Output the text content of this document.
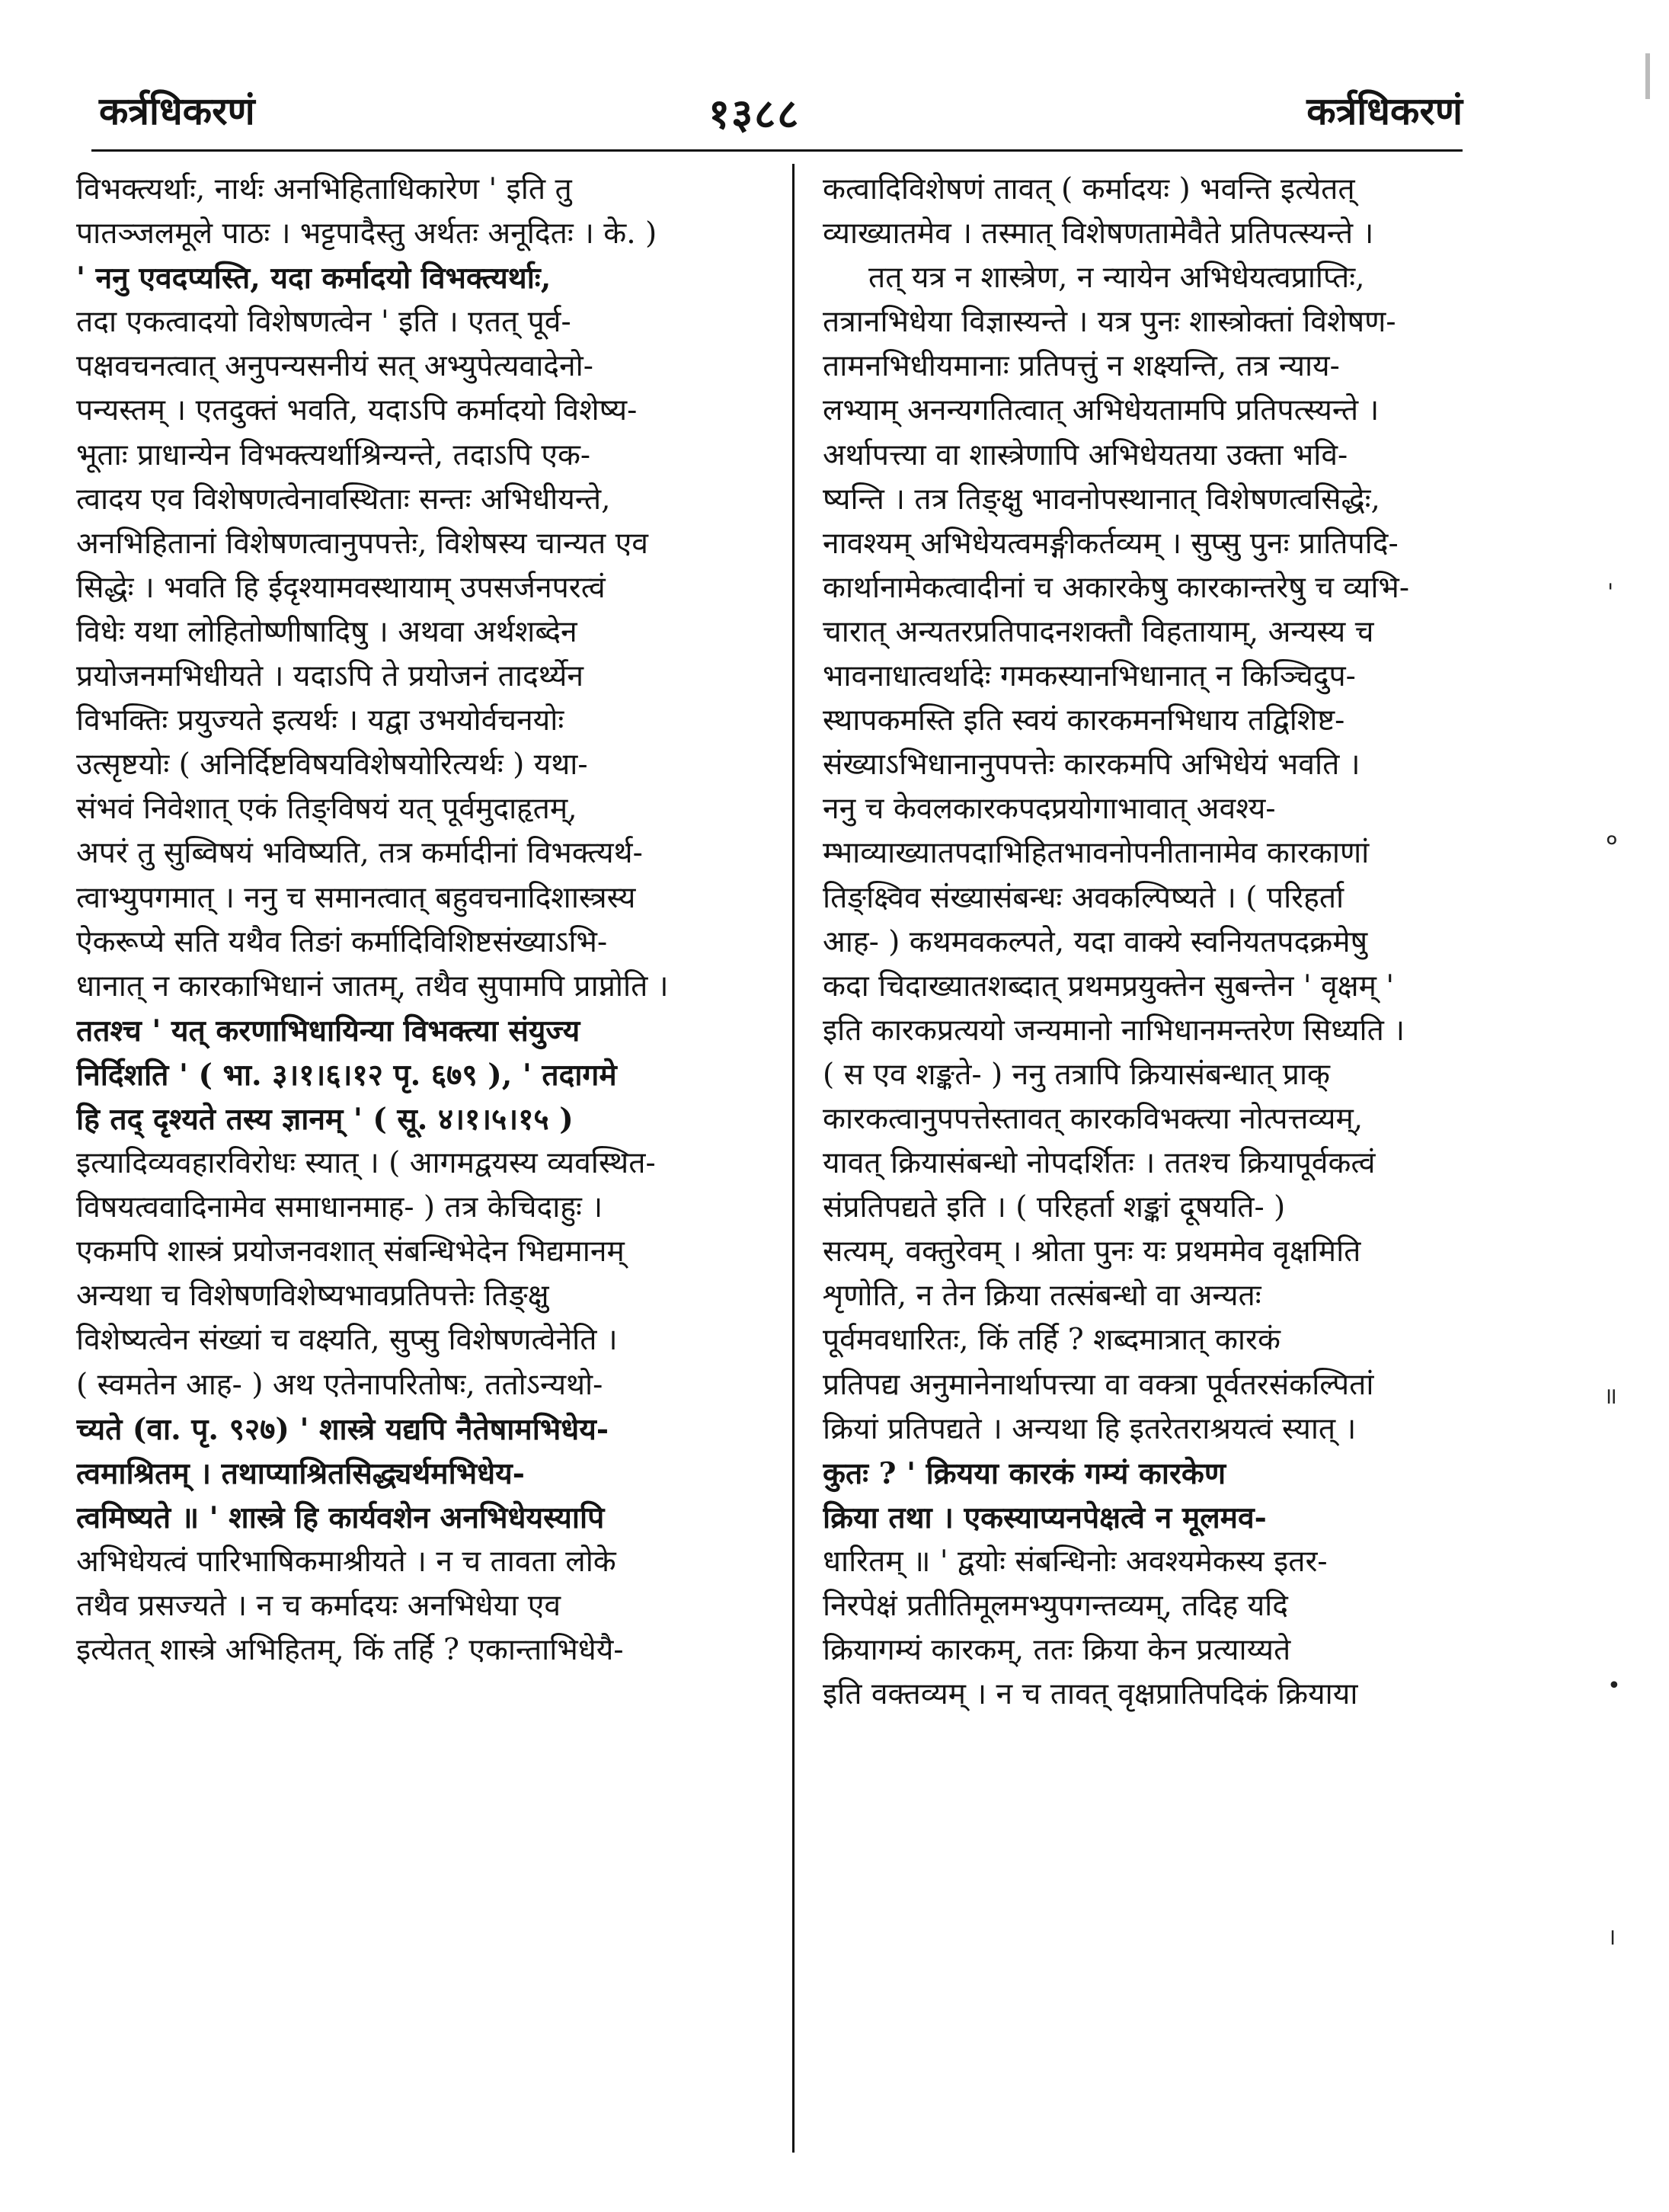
कर्त्रधिकरणं	१३८८	कर्त्रधिकरणं
विभक्त्यर्थाः, नार्थः अनभिहिताधिकारेण ' इति तु
पातञ्जलमूले पाठः । भट्टपादैस्तु अर्थतः अनूदितः । के. )
' ननु एवदप्यस्ति, यदा कर्मादयो विभक्त्यर्थाः,
तदा एकत्वादयो विशेषणत्वेन ' इति । एतत् पूर्व-
पक्षवचनत्वात् अनुपन्यसनीयं सत् अभ्युपेत्यवादेनो-
पन्यस्तम् । एतदुक्तं भवति, यदाऽपि कर्मादयो विशेष्य-
भूताः प्राधान्येन विभक्त्यर्थाश्रिन्यन्ते, तदाऽपि एक-
त्वादय एव विशेषणत्वेनावस्थिताः सन्तः अभिधीयन्ते,
अनभिहितानां विशेषणत्वानुपपत्तेः, विशेषस्य चान्यत एव
सिद्धेः । भवति हि ईदृश्यामवस्थायाम् उपसर्जनपरत्वं
विधेः यथा लोहितोष्णीषादिषु । अथवा अर्थशब्देन
प्रयोजनमभिधीयते । यदाऽपि ते प्रयोजनं तादर्थ्येन
विभक्तिः प्रयुज्यते इत्यर्थः । यद्वा उभयोर्वचनयोः
उत्सृष्टयोः ( अनिर्दिष्टविषयविशेषयोरित्यर्थः ) यथा-
संभवं निवेशात् एकं तिङ्विषयं यत् पूर्वमुदाहृतम्,
अपरं तु सुब्विषयं भविष्यति, तत्र कर्मादीनां विभक्त्यर्थ-
त्वाभ्युपगमात् । ननु च समानत्वात् बहुवचनादिशास्त्रस्य
ऐकरूप्ये सति यथैव तिङां कर्मादिविशिष्टसंख्याऽभि-
धानात् न कारकाभिधानं जातम्, तथैव सुपामपि प्राप्नोति ।
ततश्च ' यत् करणाभिधायिन्या विभक्त्या संयुज्य
निर्दिशति ' ( भा. ३।१।६।१२ पृ. ६७९ ), ' तदागमे
हि तद् दृश्यते तस्य ज्ञानम् ' ( सू. ४।१।५।१५ )
इत्यादिव्यवहारविरोधः स्यात् । ( आगमद्वयस्य व्यवस्थित-
विषयत्ववादिनामेव समाधानमाह- ) तत्र केचिदाहुः ।
एकमपि शास्त्रं प्रयोजनवशात् संबन्धिभेदेन भिद्यमानम्
अन्यथा च विशेषणविशेष्यभावप्रतिपत्तेः तिङ्क्षु
विशेष्यत्वेन संख्यां च वक्ष्यति, सुप्सु विशेषणत्वेनेति ।
( स्वमतेन आह- ) अथ एतेनापरितोषः, ततोऽन्यथो-
च्यते (वा. पृ. ९२७) ' शास्त्रे यद्यपि नैतेषामभिधेय-
त्वमाश्रितम् । तथाप्याश्रितसिद्ध्यर्थमभिधेय-
त्वमिष्यते ॥ ' शास्त्रे हि कार्यवशेन अनभिधेयस्यापि
अभिधेयत्वं पारिभाषिकमाश्रीयते । न च तावता लोके
तथैव प्रसज्यते । न च कर्मादयः अनभिधेया एव
इत्येतत् शास्त्रे अभिहितम्, किं तर्हि ? एकान्ताभिधेयै-
कत्वादिविशेषणं तावत् ( कर्मादयः ) भवन्ति इत्येतत्
व्याख्यातमेव । तस्मात् विशेषणतामेवैते प्रतिपत्स्यन्ते ।
तत् यत्र न शास्त्रेण, न न्यायेन अभिधेयत्वप्राप्तिः,
तत्रानभिधेया विज्ञास्यन्ते । यत्र पुनः शास्त्रोक्तां विशेषण-
तामनभिधीयमानाः प्रतिपत्तुं न शक्ष्यन्ति, तत्र न्याय-
लभ्याम् अनन्यगतित्वात् अभिधेयतामपि प्रतिपत्स्यन्ते ।
अर्थापत्त्या वा शास्त्रेणापि अभिधेयतया उक्ता भवि-
ष्यन्ति । तत्र तिङ्क्षु भावनोपस्थानात् विशेषणत्वसिद्धेः,
नावश्यम् अभिधेयत्वमङ्गीकर्तव्यम् । सुप्सु पुनः प्रातिपदि-
कार्थानामेकत्वादीनां च अकारकेषु कारकान्तरेषु च व्यभि-
चारात् अन्यतरप्रतिपादनशक्तौ विहतायाम्, अन्यस्य च
भावनाधात्वर्थादेः गमकस्यानभिधानात् न किञ्चिदुप-
स्थापकमस्ति इति स्वयं कारकमनभिधाय तद्विशिष्ट-
संख्याऽभिधानानुपपत्तेः कारकमपि अभिधेयं भवति ।
ननु च केवलकारकपदप्रयोगाभावात् अवश्य-
म्भाव्याख्यातपदाभिहितभावनोपनीतानामेव कारकाणां
तिङ्क्ष्विव संख्यासंबन्धः अवकल्पिष्यते । ( परिहर्ता
आह- ) कथमवकल्पते, यदा वाक्ये स्वनियतपदक्रमेषु
कदा चिदाख्यातशब्दात् प्रथमप्रयुक्तेन सुबन्तेन ' वृक्षम् '
इति कारकप्रत्ययो जन्यमानो नाभिधानमन्तरेण सिध्यति ।
( स एव शङ्कते- ) ननु तत्रापि क्रियासंबन्धात् प्राक्
कारकत्वानुपपत्तेस्तावत् कारकविभक्त्या नोत्पत्तव्यम्,
यावत् क्रियासंबन्धो नोपदर्शितः । ततश्च क्रियापूर्वकत्वं
संप्रतिपद्यते इति । ( परिहर्ता शङ्कां दूषयति- )
सत्यम्, वक्तुरेवम् । श्रोता पुनः यः प्रथममेव वृक्षमिति
शृणोति, न तेन क्रिया तत्संबन्धो वा अन्यतः
पूर्वमवधारितः, किं तर्हि ? शब्दमात्रात् कारकं
प्रतिपद्य अनुमानेनार्थापत्त्या वा वक्त्रा पूर्वतरसंकल्पितां
क्रियां प्रतिपद्यते । अन्यथा हि इतरेतराश्रयत्वं स्यात् ।
कुतः ? ' क्रियया कारकं गम्यं कारकेण
क्रिया तथा । एकस्याप्यनपेक्षत्वे न मूलमव-
धारितम् ॥ ' द्वयोः संबन्धिनोः अवश्यमेकस्य इतर-
निरपेक्षं प्रतीतिमूलमभ्युपगन्तव्यम्, तदिह यदि
क्रियागम्यं कारकम्, ततः क्रिया केन प्रत्याय्यते
इति वक्तव्यम् । न च तावत् वृक्षप्रातिपदिकं क्रियाया
'
०
॥
•
।
